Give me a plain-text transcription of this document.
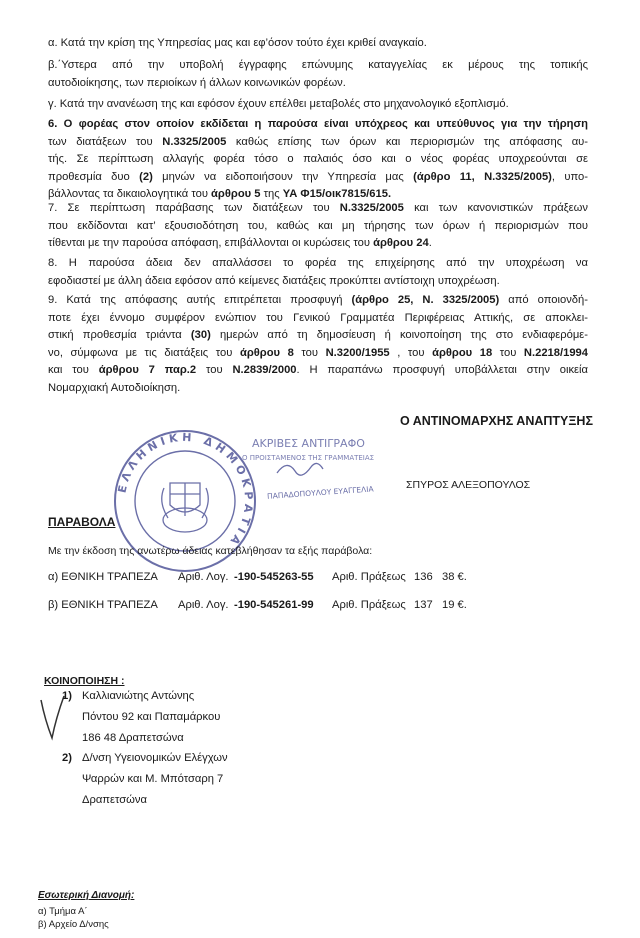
α. Κατά την κρίση της Υπηρεσίας μας και εφ’όσον τούτο έχει κριθεί αναγκαίο.
β.΄Υστερα από την υποβολή έγγραφης επώνυμης καταγγελίας εκ μέρους της τοπικής
αυτοδιοίκησης, των περιοίκων ή άλλων κοινωνικών φορέων.
γ. Κατά την ανανέωση της και εφόσον έχουν επέλθει μεταβολές στο μηχανολογικό εξοπλισμό.
6. Ο φορέας στον οποίον εκδίδεται η παρούσα είναι υπόχρεος και υπεύθυνος για την τήρηση
των διατάξεων του N.3325/2005 καθώς επίσης των όρων και περιορισμών της απόφασης αυ-
τής. Σε περίπτωση αλλαγής φορέα τόσο ο παλαιός όσο και ο νέος φορέας υποχρεούνται σε
προθεσμία δυο (2) μηνών να ειδοποιήσουν την Υπηρεσία μας (άρθρο 11, Ν.3325/2005), υπο-
βάλλοντας τα δικαιολογητικά του άρθρου 5 της ΥΑ Φ15/οικ7815/615.
7. Σε περίπτωση παράβασης των διατάξεων του N.3325/2005 και των κανονιστικών πράξεων
που εκδίδονται κατ’ εξουσιοδότηση του, καθώς και μη τήρησης των όρων ή περιορισμών που
τίθενται με την παρούσα απόφαση, επιβάλλονται οι κυρώσεις του άρθρου 24.
8. Η παρούσα άδεια δεν απαλλάσσει το φορέα της επιχείρησης από την υποχρέωση να
εφοδιαστεί με άλλη άδεια εφόσον από κείμενες διατάξεις προκύπτει αντίστοιχη υποχρέωση.
9. Κατά της απόφασης αυτής επιτρέπεται προσφυγή (άρθρο 25, Ν. 3325/2005) από οποιονδή-
ποτε έχει έννομο συμφέρον ενώπιον του Γενικού Γραμματέα Περιφέρειας Αττικής, σε αποκλει-
στική προθεσμία τριάντα (30) ημερών από τη δημοσίευση ή κοινοποίηση της στο ενδιαφερόμε-
νο, σύμφωνα με τις διατάξεις του άρθρου 8 του Ν.3200/1955 , του άρθρου 18 του Ν.2218/1994
και του άρθρου 7 παρ.2 του Ν.2839/2000. Η παραπάνω προσφυγή υποβάλλεται στην οικεία
Νομαρχιακή Αυτοδιοίκηση.
Ο ΑΝΤΙΝΟΜΑΡΧΗΣ ΑΝΑΠΤΥΞΗΣ
ΕΛΛΗΝΙΚΗ ΔΗΜΟΚΡΑΤΙΑ
ΑΚΡΙΒΕΣ ΑΝΤΙΓΡΑΦΟ
Ο ΠΡΟΙΣΤΑΜΕΝΟΣ ΤΗΣ ΓΡΑΜΜΑΤΕΙΑΣ
ΠΑΠΑΔΟΠΟΥΛΟΥ ΕΥΑΓΓΕΛΙΑ	ΣΠΥΡΟΣ ΑΛΕΞΟΠΟΥΛΟΣ
ΠΑΡΑΒΟΛΑ
Με την έκδοση της ανωτέρω άδειας κατεβλήθησαν τα εξής παράβολα:
α) ΕΘΝΙΚΗ ΤΡΑΠΕΖΑ Αριθ. Λογ. -190-545263-55 Αριθ. Πράξεως 136 38 €.
β) ΕΘΝΙΚΗ ΤΡΑΠΕΖΑ Αριθ. Λογ. -190-545261-99 Αριθ. Πράξεως 137 19 €.
ΚΟΙΝΟΠΟΙΗΣΗ :
1) Καλλιανιώτης Αντώνης
Πόντου 92 και Παπαμάρκου
186 48 Δραπετσώνα
2) Δ/νση Υγειονομικών Ελέγχων
Ψαρρών και Μ. Μπότσαρη 7
Δραπετσώνα
Εσωτερική Διανομή:
α) Τμήμα Α΄
β) Αρχείο Δ/νσης
